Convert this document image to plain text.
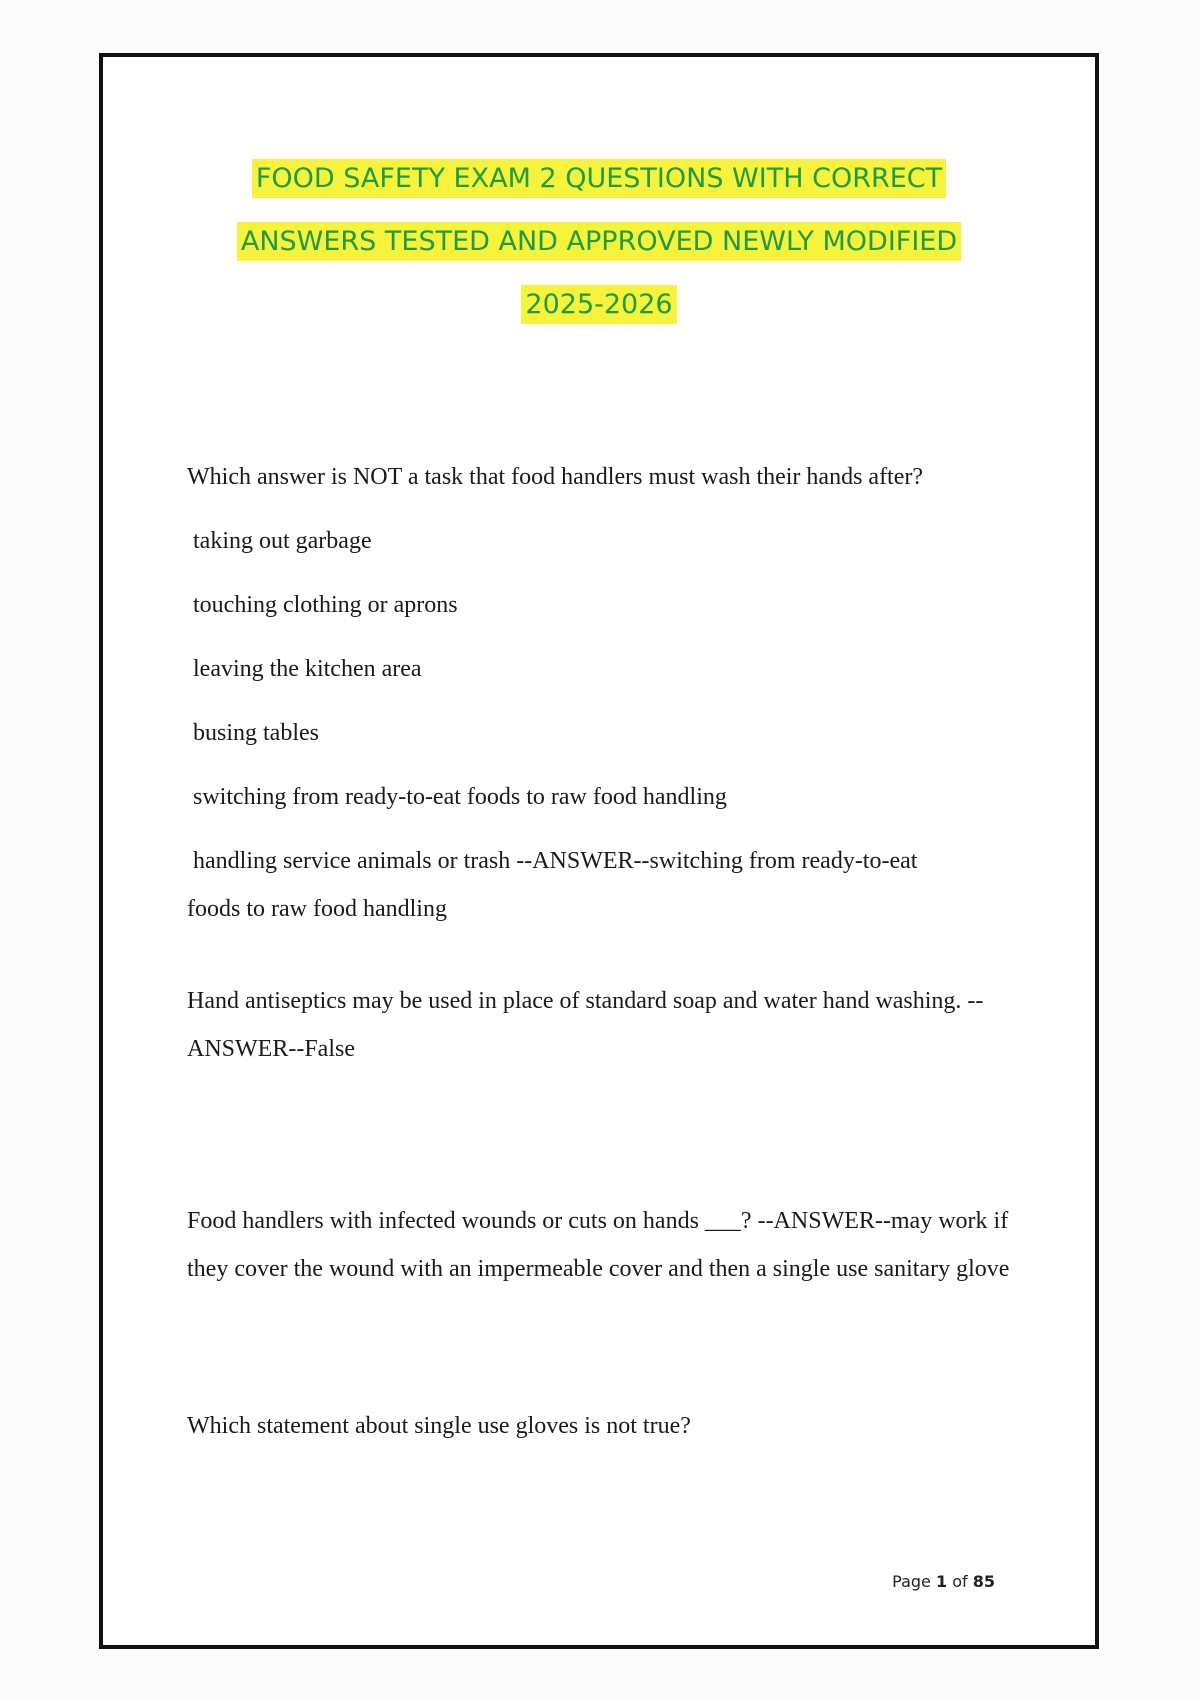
FOOD SAFETY EXAM 2 QUESTIONS WITH CORRECT
ANSWERS TESTED AND APPROVED NEWLY MODIFIED
2025-2026
Which answer is NOT a task that food handlers must wash their hands after?
taking out garbage
touching clothing or aprons
leaving the kitchen area
busing tables
switching from ready-to-eat foods to raw food handling
handling service animals or trash --ANSWER--switching from ready-to-eat
foods to raw food handling
Hand antiseptics may be used in place of standard soap and water hand washing. --ANSWER--False
Food handlers with infected wounds or cuts on hands ___? --ANSWER--may work if they cover the wound with an impermeable cover and then a single use sanitary glove
Which statement about single use gloves is not true?
Page 1 of 85
